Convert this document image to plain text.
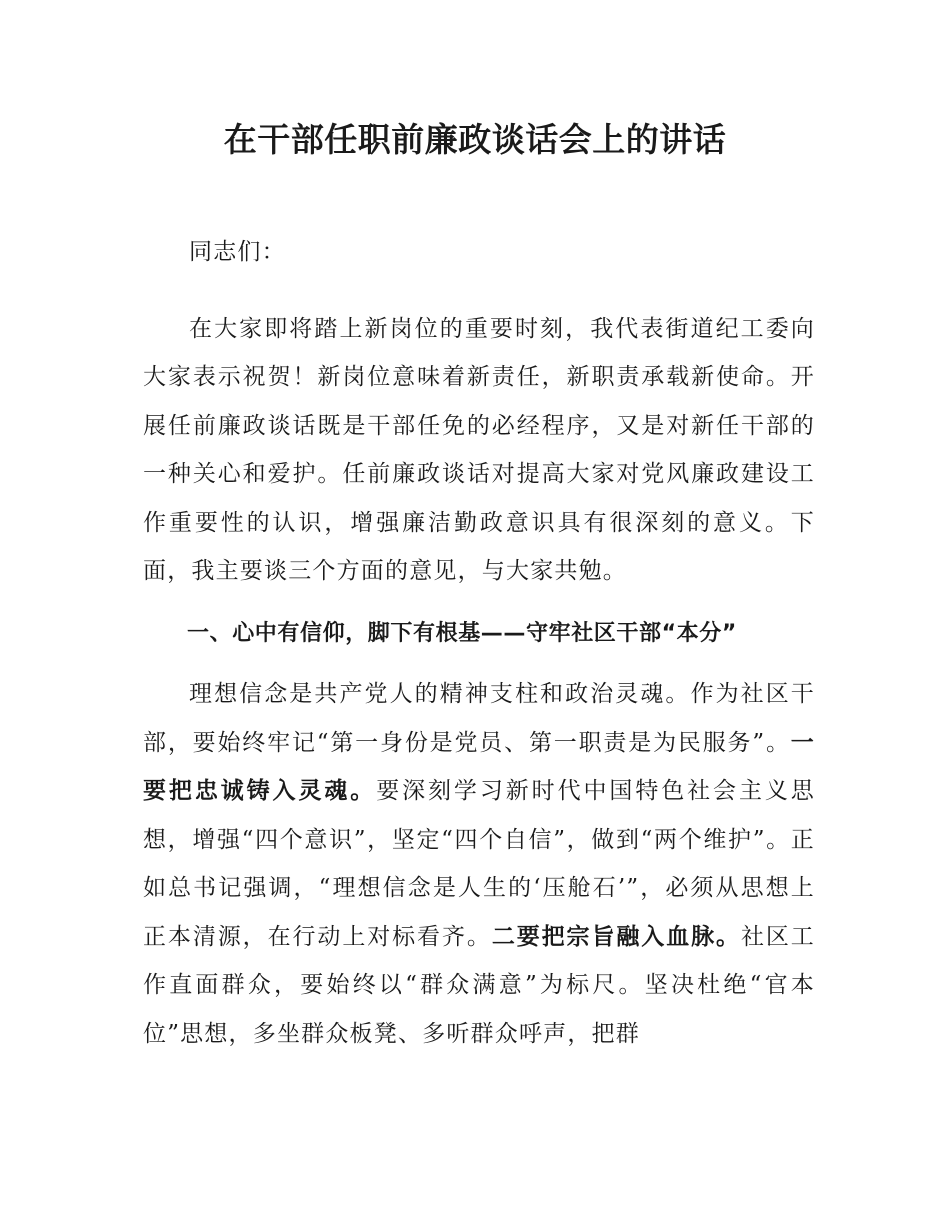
在干部任职前廉政谈话会上的讲话

同志们：

在大家即将踏上新岗位的重要时刻，我代表街道纪工委向大家表示祝贺！新岗位意味着新责任，新职责承载新使命。开展任前廉政谈话既是干部任免的必经程序，又是对新任干部的一种关心和爱护。任前廉政谈话对提高大家对党风廉政建设工作重要性的认识，增强廉洁勤政意识具有很深刻的意义。下面，我主要谈三个方面的意见，与大家共勉。

一、心中有信仰，脚下有根基——守牢社区干部“本分”

理想信念是共产党人的精神支柱和政治灵魂。作为社区干部，要始终牢记“第一身份是党员、第一职责是为民服务”。一要把忠诚铸入灵魂。要深刻学习新时代中国特色社会主义思想，增强“四个意识”，坚定“四个自信”，做到“两个维护”。正如总书记强调，“理想信念是人生的‘压舱石’”，必须从思想上正本清源，在行动上对标看齐。二要把宗旨融入血脉。社区工作直面群众，要始终以“群众满意”为标尺。坚决杜绝“官本位”思想，多坐群众板凳、多听群众呼声，把群
